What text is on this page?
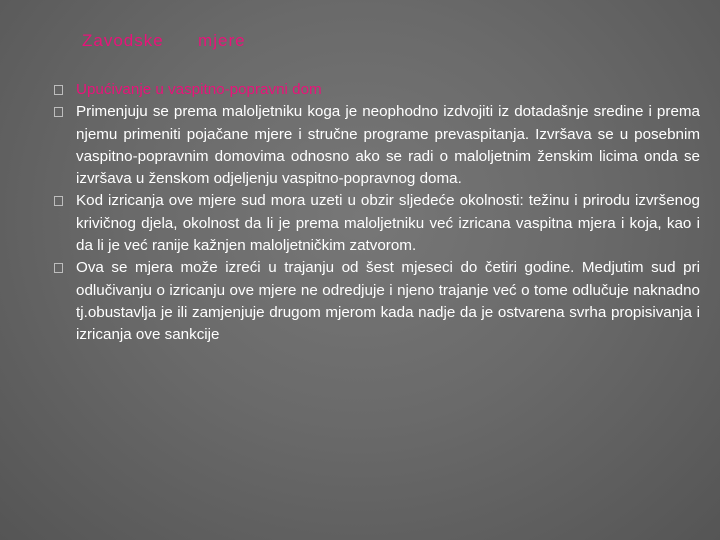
Zavodske mjere
Upućivanje u vaspitno-popravni dom
Primenjuju se prema maloljetniku koga je neophodno izdvojiti iz dotadašnje sredine i prema njemu primeniti pojačane mjere i stručne programe prevaspitanja. Izvršava se u posebnim vaspitno-popravnim domovima odnosno ako se radi o maloljetnim ženskim licima onda se izvršava u ženskom odjeljenju vaspitno-popravnog doma.
Kod izricanja ove mjere sud mora uzeti u obzir sljedeće okolnosti: težinu i prirodu izvršenog krivičnog djela, okolnost da li je prema maloljetniku već izricana vaspitna mjera i koja, kao i da li je već ranije kažnjen maloljetničkim zatvorom.
Ova se mjera može izreći u trajanju od šest mjeseci do četiri godine. Medjutim sud pri odlučivanju o izricanju ove mjere ne odredjuje i njeno trajanje već o tome odlučuje naknadno tj.obustavlja je ili zamjenjuje drugom mjerom kada nadje da je ostvarena svrha propisivanja i izricanja ove sankcije
